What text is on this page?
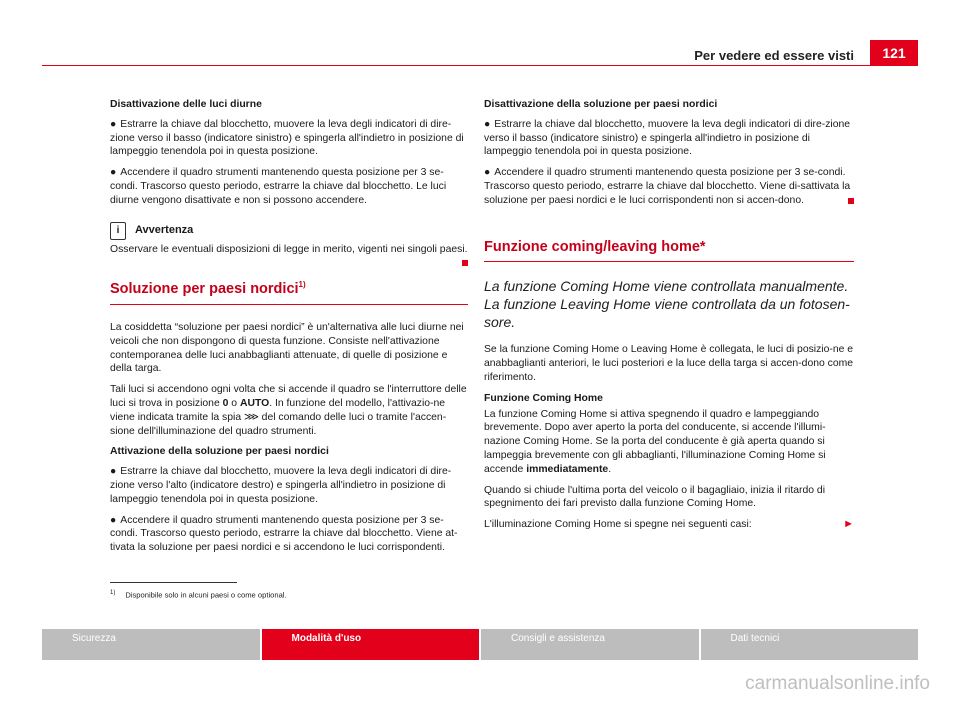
Per vedere ed essere visti	121

Disattivazione delle luci diurne

● Estrarre la chiave dal blocchetto, muovere la leva degli indicatori di dire-zione verso il basso (indicatore sinistro) e spingerla all'indietro in posizione di lampeggio tenendola poi in questa posizione.

● Accendere il quadro strumenti mantenendo questa posizione per 3 se-condi. Trascorso questo periodo, estrarre la chiave dal blocchetto. Le luci diurne vengono disattivate e non si possono accendere.

i	Avvertenza

Osservare le eventuali disposizioni di legge in merito, vigenti nei singoli paesi.

Soluzione per paesi nordici$^{1)}$

La cosiddetta “soluzione per paesi nordici” è un'alternativa alle luci diurne nei veicoli che non dispongono di questa funzione. Consiste nell'attivazione contemporanea delle luci anabbaglianti attenuate, di quelle di posizione e della targa.

Tali luci si accendono ogni volta che si accende il quadro se l'interruttore delle luci si trova in posizione 0 o AUTO. In funzione del modello, l'attivazio-ne viene indicata tramite la spia ⋙ del comando delle luci o tramite l'accen-sione dell'illuminazione del quadro strumenti.

Attivazione della soluzione per paesi nordici

● Estrarre la chiave dal blocchetto, muovere la leva degli indicatori di dire-zione verso l'alto (indicatore destro) e spingerla all'indietro in posizione di lampeggio tenendola poi in questa posizione.

● Accendere il quadro strumenti mantenendo questa posizione per 3 se-condi. Trascorso questo periodo, estrarre la chiave dal blocchetto. Viene at-tivata la soluzione per paesi nordici e si accendono le luci corrispondenti.

Disattivazione della soluzione per paesi nordici

● Estrarre la chiave dal blocchetto, muovere la leva degli indicatori di dire-zione verso il basso (indicatore sinistro) e spingerla all'indietro in posizione di lampeggio tenendola poi in questa posizione.

● Accendere il quadro strumenti mantenendo questa posizione per 3 se-condi. Trascorso questo periodo, estrarre la chiave dal blocchetto. Viene di-sattivata la soluzione per paesi nordici e le luci corrispondenti non si accen-dono.

Funzione coming/leaving home*

La funzione Coming Home viene controllata manualmente. La funzione Leaving Home viene controllata da un fotosen-sore.

Se la funzione Coming Home o Leaving Home è collegata, le luci di posizio-ne e anabbaglianti anteriori, le luci posteriori e la luce della targa si accen-dono come riferimento.

Funzione Coming Home

La funzione Coming Home si attiva spegnendo il quadro e lampeggiando brevemente. Dopo aver aperto la porta del conducente, si accende l'illumi-nazione Coming Home. Se la porta del conducente è già aperta quando si lampeggia brevemente con gli abbaglianti, l'illuminazione Coming Home si accende immediatamente.

Quando si chiude l'ultima porta del veicolo o il bagagliaio, inizia il ritardo di spegnimento dei fari previsto dalla funzione Coming Home.

L'illuminazione Coming Home si spegne nei seguenti casi:	►

$^{1)}$ Disponibile solo in alcuni paesi o come optional.
Sicurezza	Modalità d'uso	Consigli e assistenza	Dati tecnici
carmanualsonline.info
